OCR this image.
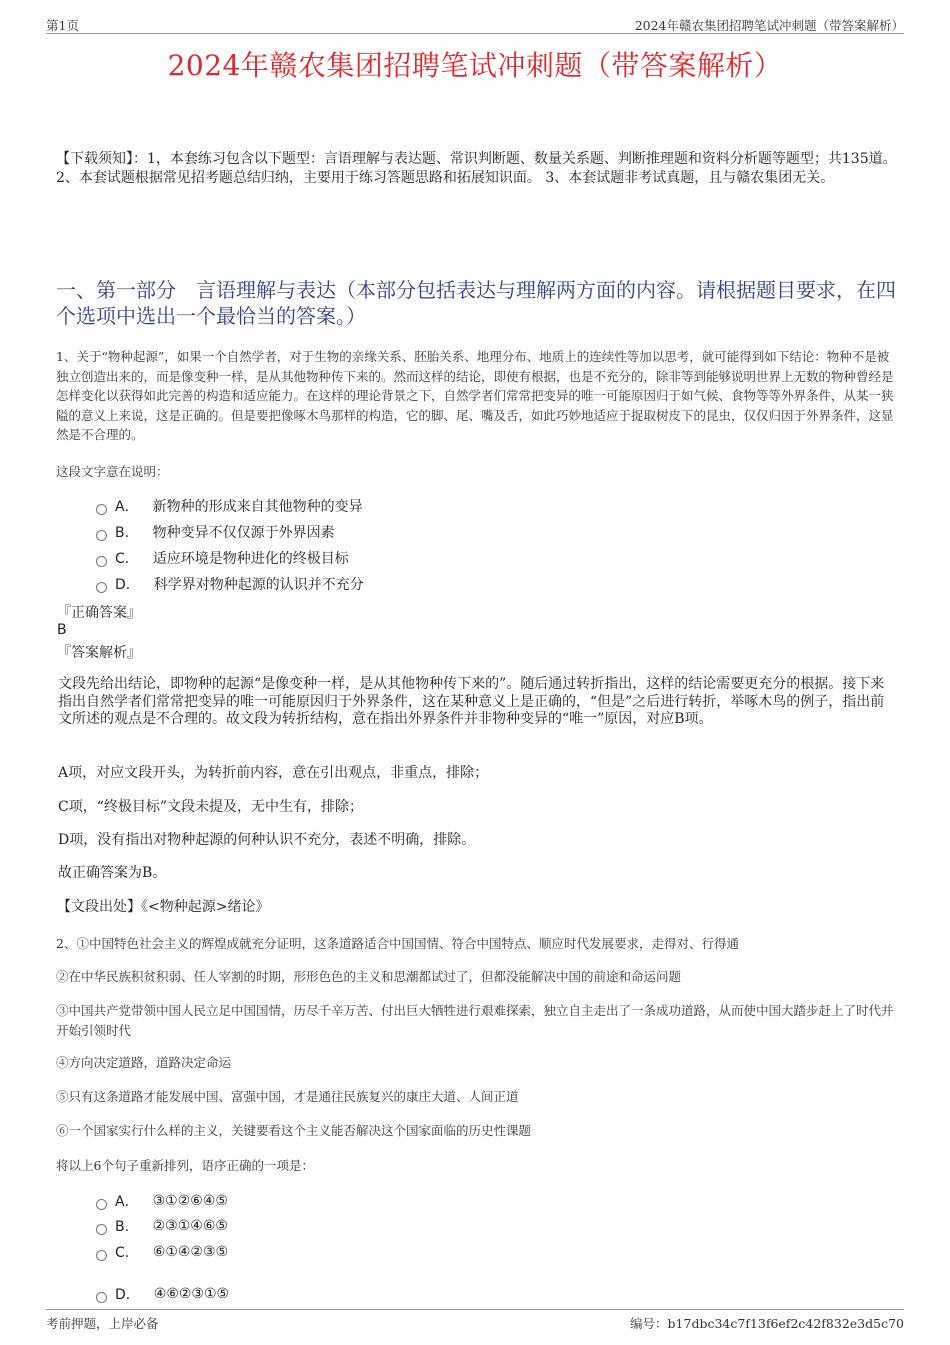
第1页	2024年赣农集团招聘笔试冲刺题（带答案解析）
2024年赣农集团招聘笔试冲刺题（带答案解析）
【下载须知】：1，本套练习包含以下题型：言语理解与表达题、常识判断题、数量关系题、判断推理题和资料分析题等题型；共135道。 2、本套试题根据常见招考题总结归纳，主要用于练习答题思路和拓展知识面。 3、本套试题非考试真题，且与赣农集团无关。
一、第一部分　言语理解与表达（本部分包括表达与理解两方面的内容。请根据题目要求，在四个选项中选出一个最恰当的答案。）
1、关于“物种起源”，如果一个自然学者，对于生物的亲缘关系、胚胎关系、地理分布、地质上的连续性等加以思考，就可能得到如下结论：物种不是被独立创造出来的，而是像变种一样，是从其他物种传下来的。然而这样的结论，即使有根据，也是不充分的，除非等到能够说明世界上无数的物种曾经是怎样变化以获得如此完善的构造和适应能力。在这样的理论背景之下，自然学者们常常把变异的唯一可能原因归于如气候、食物等等外界条件，从某一狭隘的意义上来说，这是正确的。但是要把像啄木鸟那样的构造，它的脚、尾、嘴及舌，如此巧妙地适应于捉取树皮下的昆虫，仅仅归因于外界条件，这显然是不合理的。
这段文字意在说明：
A． 新物种的形成来自其他物种的变异
B． 物种变异不仅仅源于外界因素
C． 适应环境是物种进化的终极目标
D． 科学界对物种起源的认识并不充分
『正确答案』
B
『答案解析』
文段先给出结论，即物种的起源“是像变种一样，是从其他物种传下来的”。随后通过转折指出，这样的结论需要更充分的根据。接下来指出自然学者们常常把变异的唯一可能原因归于外界条件，这在某种意义上是正确的，“但是”之后进行转折，举啄木鸟的例子，指出前文所述的观点是不合理的。故文段为转折结构，意在指出外界条件并非物种变异的“唯一”原因，对应B项。
A项，对应文段开头，为转折前内容，意在引出观点，非重点，排除；
C项，“终极目标”文段未提及，无中生有，排除；
D项，没有指出对物种起源的何种认识不充分，表述不明确，排除。
故正确答案为B。
【文段出处】《<物种起源>绪论》
2、①中国特色社会主义的辉煌成就充分证明，这条道路适合中国国情、符合中国特点、顺应时代发展要求，走得对、行得通
②在中华民族积贫积弱、任人宰割的时期，形形色色的主义和思潮都试过了，但都没能解决中国的前途和命运问题
③中国共产党带领中国人民立足中国国情，历尽千辛万苦、付出巨大牺牲进行艰难探索，独立自主走出了一条成功道路，从而使中国大踏步赶上了时代并开始引领时代
④方向决定道路，道路决定命运
⑤只有这条道路才能发展中国、富强中国，才是通往民族复兴的康庄大道、人间正道
⑥一个国家实行什么样的主义，关键要看这个主义能否解决这个国家面临的历史性课题
将以上6个句子重新排列，语序正确的一项是：
A． ③①②⑥④⑤
B． ②③①④⑥⑤
C． ⑥①④②③⑤
D． ④⑥②③①⑤
考前押题，上岸必备	编号：b17dbc34c7f13f6ef2c42f832e3d5c70
